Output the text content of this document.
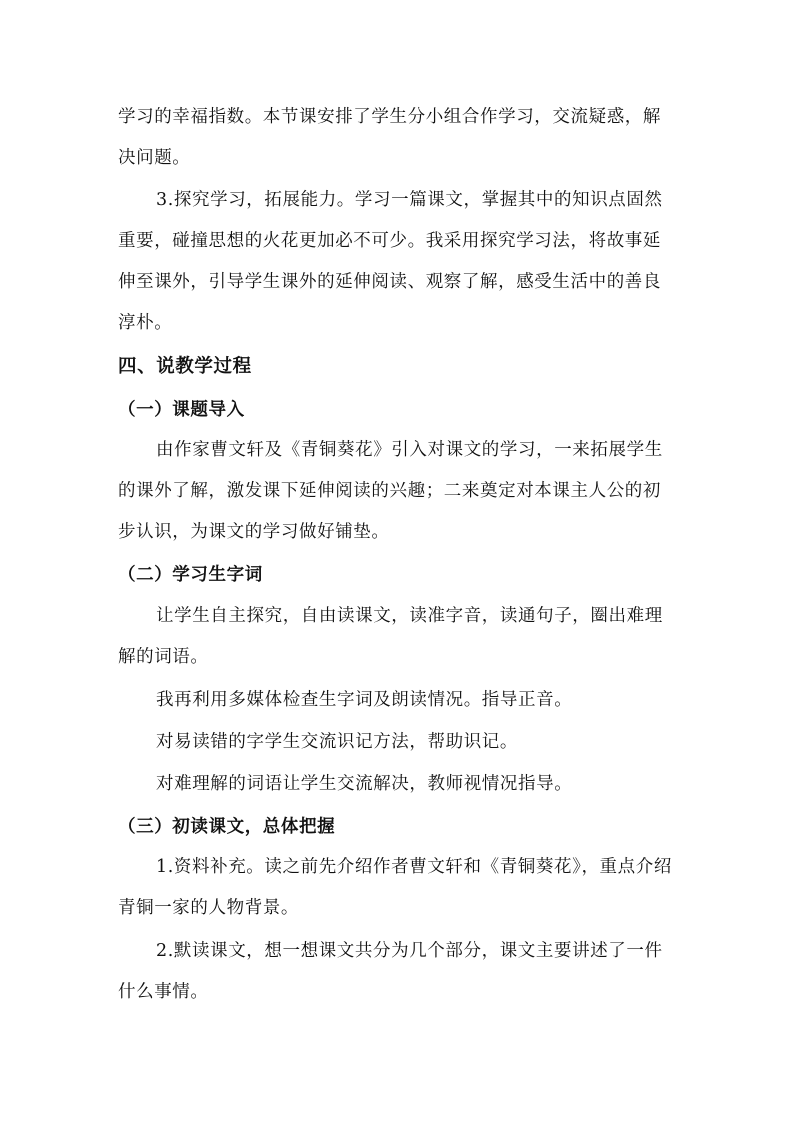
学习的幸福指数。本节课安排了学生分小组合作学习，交流疑惑，解决问题。

3.探究学习，拓展能力。学习一篇课文，掌握其中的知识点固然重要，碰撞思想的火花更加必不可少。我采用探究学习法，将故事延伸至课外，引导学生课外的延伸阅读、观察了解，感受生活中的善良淳朴。

四、说教学过程
（一）课题导入

由作家曹文轩及《青铜葵花》引入对课文的学习，一来拓展学生的课外了解，激发课下延伸阅读的兴趣；二来奠定对本课主人公的初步认识，为课文的学习做好铺垫。

（二）学习生字词

让学生自主探究，自由读课文，读准字音，读通句子，圈出难理解的词语。

我再利用多媒体检查生字词及朗读情况。指导正音。

对易读错的字学生交流识记方法，帮助识记。

对难理解的词语让学生交流解决，教师视情况指导。

（三）初读课文，总体把握

1.资料补充。读之前先介绍作者曹文轩和《青铜葵花》，重点介绍青铜一家的人物背景。

2.默读课文，想一想课文共分为几个部分，课文主要讲述了一件什么事情。
